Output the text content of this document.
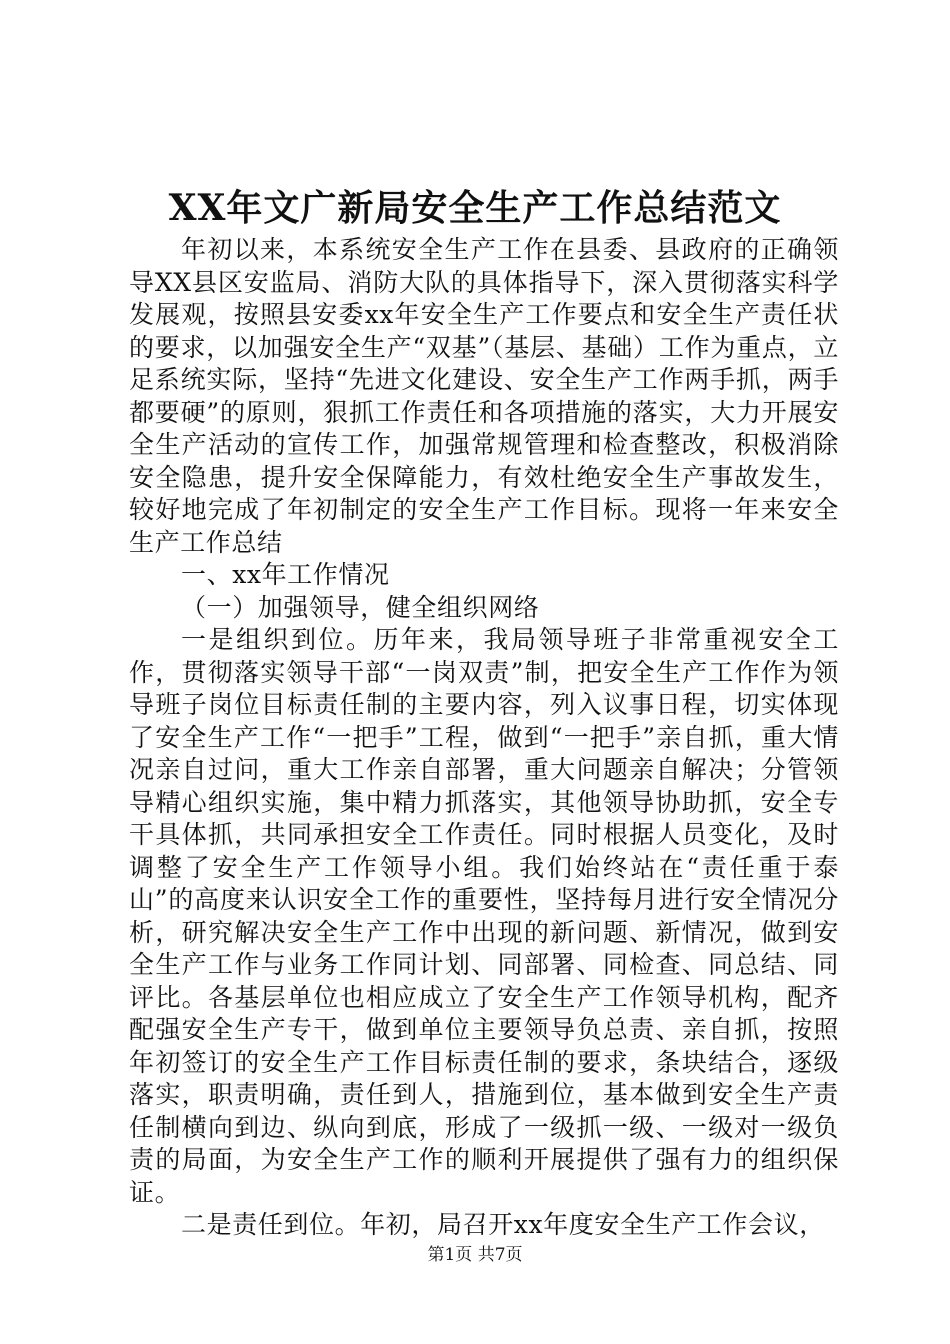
XX年文广新局安全生产工作总结范文

年初以来，本系统安全生产工作在县委、县政府的正确领导XX县区安监局、消防大队的具体指导下，深入贯彻落实科学发展观，按照县安委xx年安全生产工作要点和安全生产责任状的要求，以加强安全生产“双基”（基层、基础）工作为重点，立足系统实际，坚持“先进文化建设、安全生产工作两手抓，两手都要硬”的原则，狠抓工作责任和各项措施的落实，大力开展安全生产活动的宣传工作，加强常规管理和检查整改，积极消除安全隐患，提升安全保障能力，有效杜绝安全生产事故发生，较好地完成了年初制定的安全生产工作目标。现将一年来安全生产工作总结

一、xx年工作情况

（一）加强领导，健全组织网络

一是组织到位。历年来，我局领导班子非常重视安全工作，贯彻落实领导干部“一岗双责”制，把安全生产工作作为领导班子岗位目标责任制的主要内容，列入议事日程，切实体现了安全生产工作“一把手”工程，做到“一把手”亲自抓，重大情况亲自过问，重大工作亲自部署，重大问题亲自解决；分管领导精心组织实施，集中精力抓落实，其他领导协助抓，安全专干具体抓，共同承担安全工作责任。同时根据人员变化，及时调整了安全生产工作领导小组。我们始终站在“责任重于泰山”的高度来认识安全工作的重要性，坚持每月进行安全情况分析，研究解决安全生产工作中出现的新问题、新情况，做到安全生产工作与业务工作同计划、同部署、同检查、同总结、同评比。各基层单位也相应成立了安全生产工作领导机构，配齐配强安全生产专干，做到单位主要领导负总责、亲自抓，按照年初签订的安全生产工作目标责任制的要求，条块结合，逐级落实，职责明确，责任到人，措施到位，基本做到安全生产责任制横向到边、纵向到底，形成了一级抓一级、一级对一级负责的局面，为安全生产工作的顺利开展提供了强有力的组织保证。

二是责任到位。年初，局召开xx年度安全生产工作会议，

第1页 共7页
